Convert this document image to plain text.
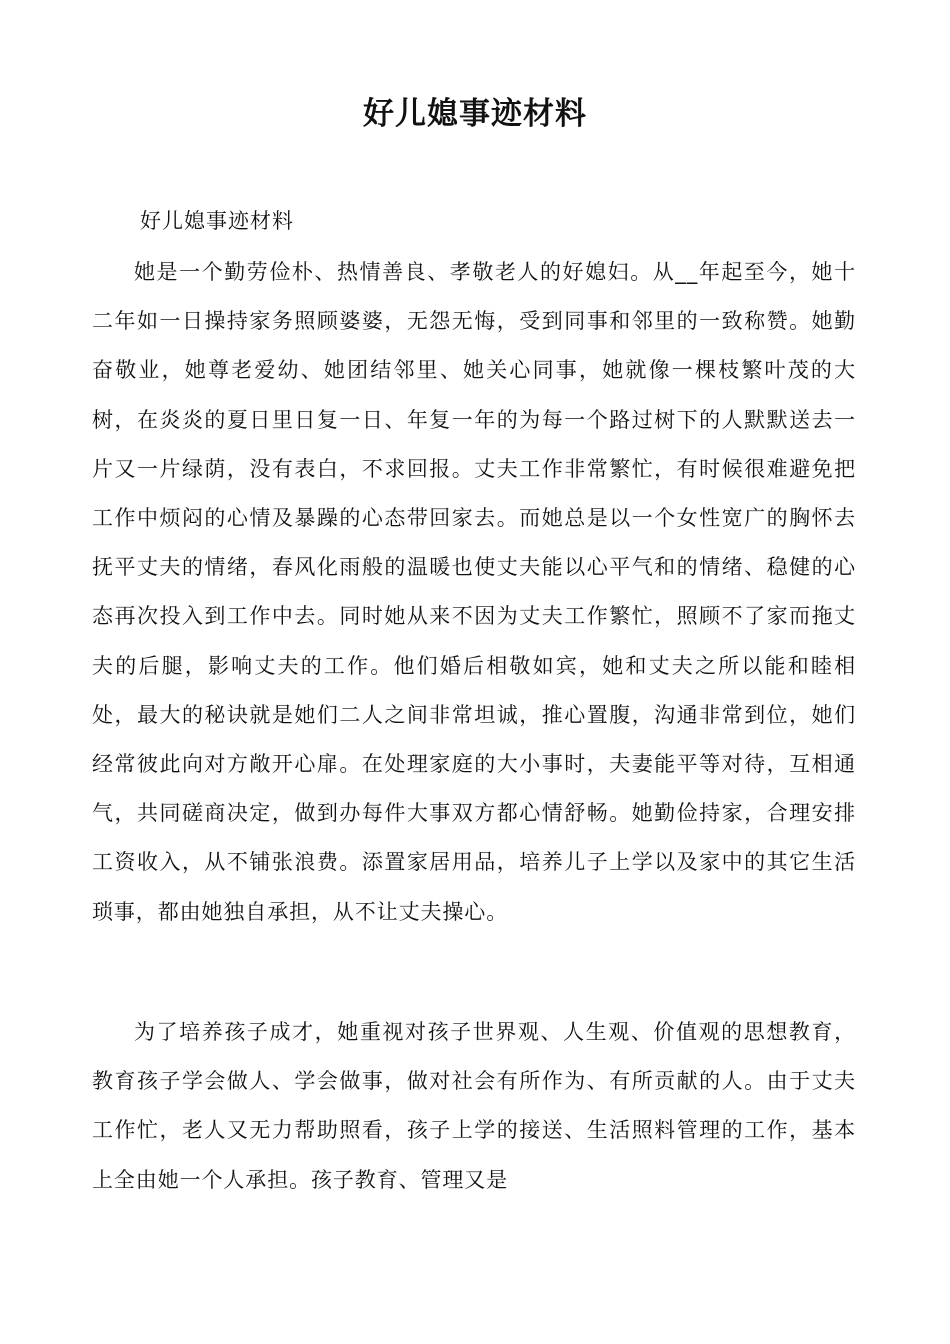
好儿媳事迹材料

好儿媳事迹材料

她是一个勤劳俭朴、热情善良、孝敬老人的好媳妇。从__年起至今，她十二年如一日操持家务照顾婆婆，无怨无悔，受到同事和邻里的一致称赞。她勤奋敬业，她尊老爱幼、她团结邻里、她关心同事，她就像一棵枝繁叶茂的大树，在炎炎的夏日里日复一日、年复一年的为每一个路过树下的人默默送去一片又一片绿荫，没有表白，不求回报。丈夫工作非常繁忙，有时候很难避免把工作中烦闷的心情及暴躁的心态带回家去。而她总是以一个女性宽广的胸怀去抚平丈夫的情绪，春风化雨般的温暖也使丈夫能以心平气和的情绪、稳健的心态再次投入到工作中去。同时她从来不因为丈夫工作繁忙，照顾不了家而拖丈夫的后腿，影响丈夫的工作。他们婚后相敬如宾，她和丈夫之所以能和睦相处，最大的秘诀就是她们二人之间非常坦诚，推心置腹，沟通非常到位，她们经常彼此向对方敞开心扉。在处理家庭的大小事时，夫妻能平等对待，互相通气，共同磋商决定，做到办每件大事双方都心情舒畅。她勤俭持家，合理安排工资收入，从不铺张浪费。添置家居用品，培养儿子上学以及家中的其它生活琐事，都由她独自承担，从不让丈夫操心。

为了培养孩子成才，她重视对孩子世界观、人生观、价值观的思想教育，教育孩子学会做人、学会做事，做对社会有所作为、有所贡献的人。由于丈夫工作忙，老人又无力帮助照看，孩子上学的接送、生活照料管理的工作，基本上全由她一个人承担。孩子教育、管理又是
